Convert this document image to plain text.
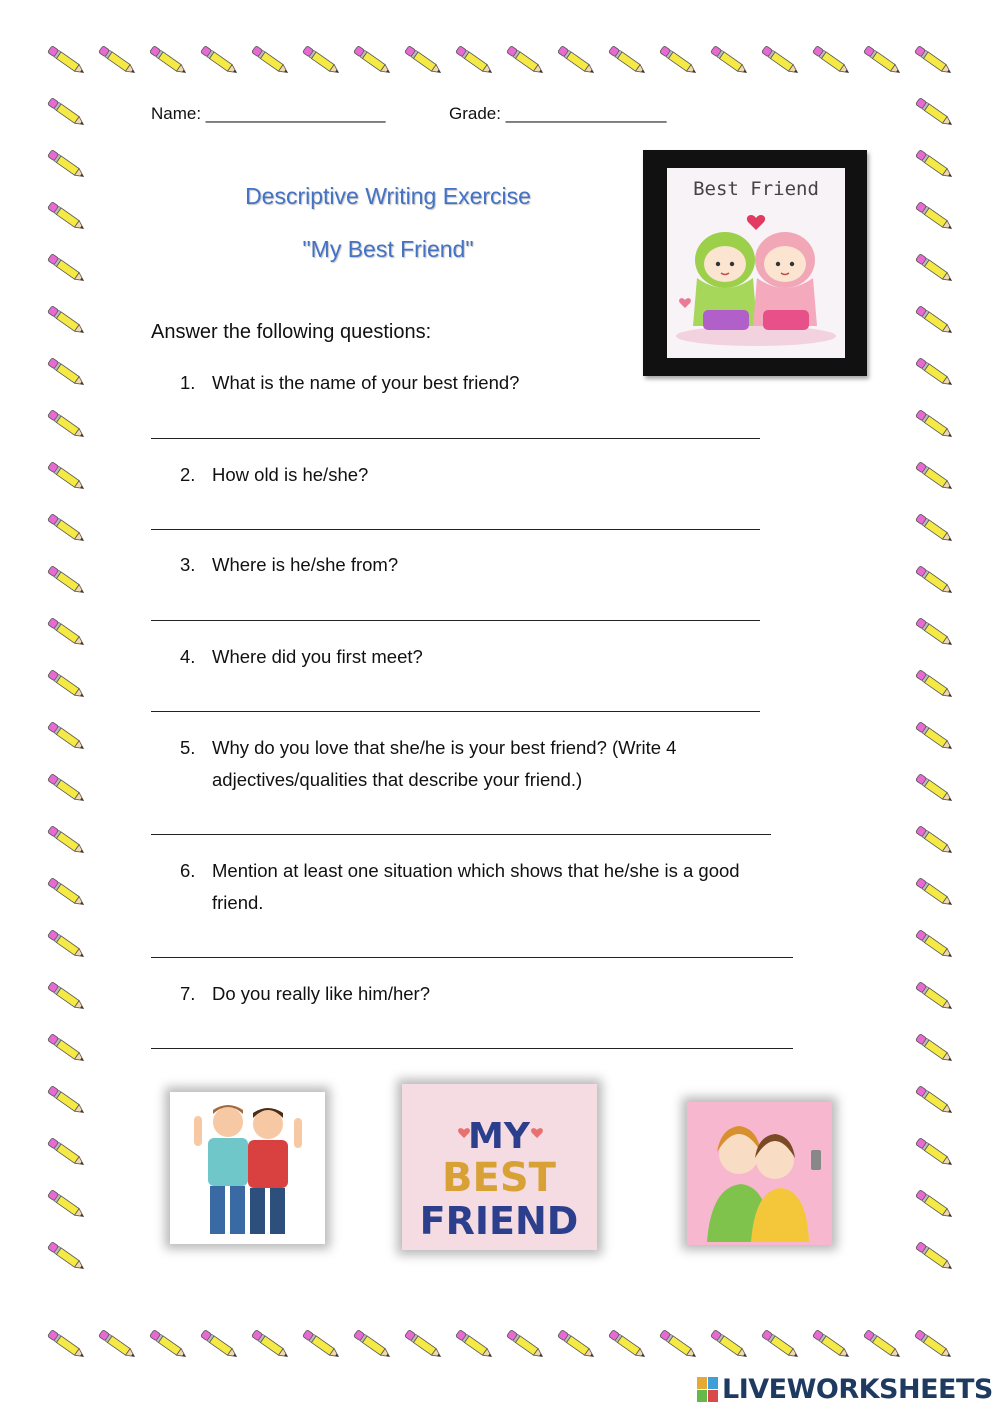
Name: ___________________	Grade: _________________
Descriptive Writing Exercise
"My Best Friend"
Best Friend
Answer the following questions:
1. What is the name of your best friend?
2. How old is he/she?
3. Where is he/she from?
4. Where did you first meet?
5. Why do you love that she/he is your best friend? (Write 4
adjectives/qualities that describe your friend.)
6. Mention at least one situation which shows that he/she is a good
friend.
7. Do you really like him/her?
MY
BEST
FRIEND
LIVEWORKSHEETS
